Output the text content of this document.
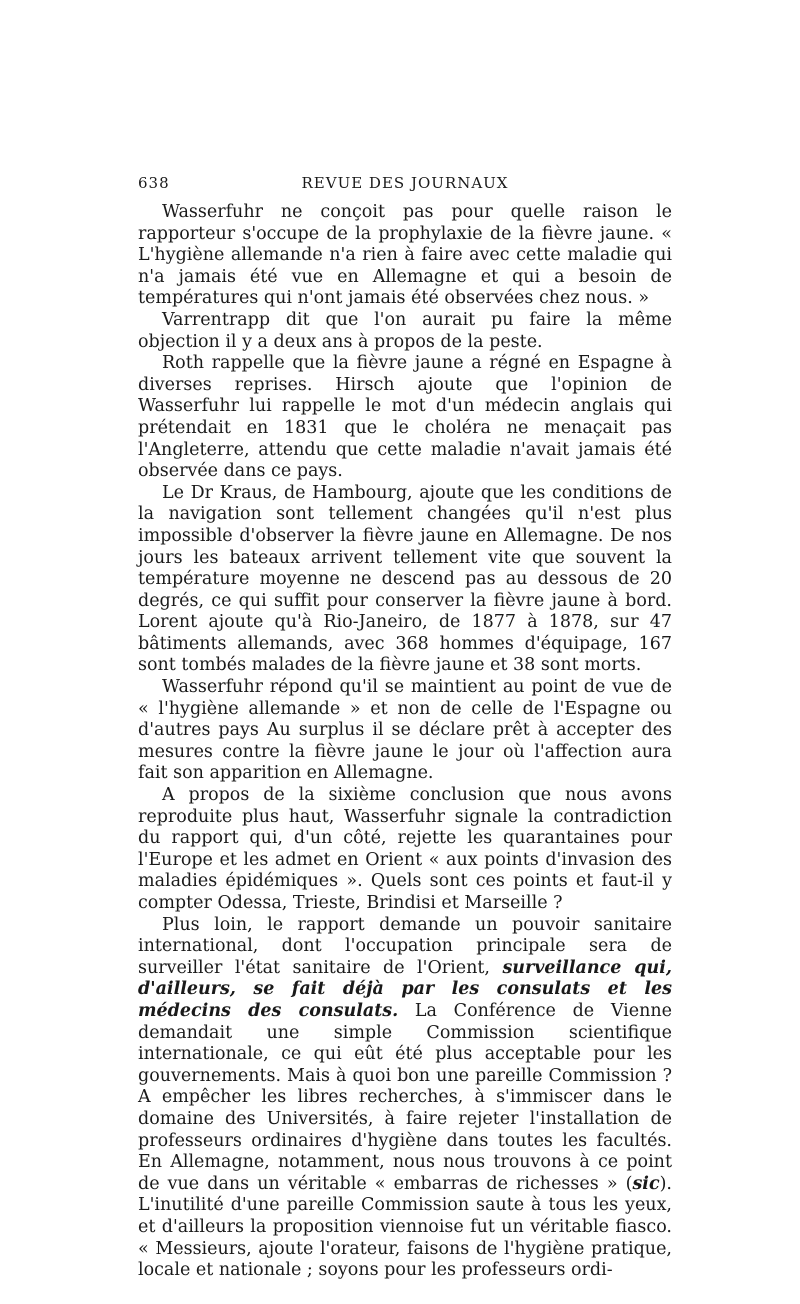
638	REVUE DES JOURNAUX

Wasserfuhr ne conçoit pas pour quelle raison le rapporteur s'occupe de la prophylaxie de la fièvre jaune. « L'hygiène allemande n'a rien à faire avec cette maladie qui n'a jamais été vue en Allemagne et qui a besoin de températures qui n'ont jamais été observées chez nous. »

Varrentrapp dit que l'on aurait pu faire la même objection il y a deux ans à propos de la peste.

Roth rappelle que la fièvre jaune a régné en Espagne à diverses reprises. Hirsch ajoute que l'opinion de Wasserfuhr lui rappelle le mot d'un médecin anglais qui prétendait en 1831 que le choléra ne menaçait pas l'Angleterre, attendu que cette maladie n'avait jamais été observée dans ce pays.

Le Dr Kraus, de Hambourg, ajoute que les conditions de la navigation sont tellement changées qu'il n'est plus impossible d'observer la fièvre jaune en Allemagne. De nos jours les bateaux arrivent tellement vite que souvent la température moyenne ne descend pas au dessous de 20 degrés, ce qui suffit pour conserver la fièvre jaune à bord. Lorent ajoute qu'à Rio-Janeiro, de 1877 à 1878, sur 47 bâtiments allemands, avec 368 hommes d'équipage, 167 sont tombés malades de la fièvre jaune et 38 sont morts.

Wasserfuhr répond qu'il se maintient au point de vue de « l'hygiène allemande » et non de celle de l'Espagne ou d'autres pays Au surplus il se déclare prêt à accepter des mesures contre la fièvre jaune le jour où l'affection aura fait son apparition en Allemagne.

A propos de la sixième conclusion que nous avons reproduite plus haut, Wasserfuhr signale la contradiction du rapport qui, d'un côté, rejette les quarantaines pour l'Europe et les admet en Orient « aux points d'invasion des maladies épidémiques ». Quels sont ces points et faut-il y compter Odessa, Trieste, Brindisi et Marseille ?

Plus loin, le rapport demande un pouvoir sanitaire international, dont l'occupation principale sera de surveiller l'état sanitaire de l'Orient, surveillance qui, d'ailleurs, se fait déjà par les consulats et les médecins des consulats. La Conférence de Vienne demandait une simple Commission scientifique internationale, ce qui eût été plus acceptable pour les gouvernements. Mais à quoi bon une pareille Commission ? A empêcher les libres recherches, à s'immiscer dans le domaine des Universités, à faire rejeter l'installation de professeurs ordinaires d'hygiène dans toutes les facultés. En Allemagne, notamment, nous nous trouvons à ce point de vue dans un véritable « embarras de richesses » (sic). L'inutilité d'une pareille Commission saute à tous les yeux, et d'ailleurs la proposition viennoise fut un véritable fiasco. « Messieurs, ajoute l'orateur, faisons de l'hygiène pratique, locale et nationale ; soyons pour les professeurs ordi-
